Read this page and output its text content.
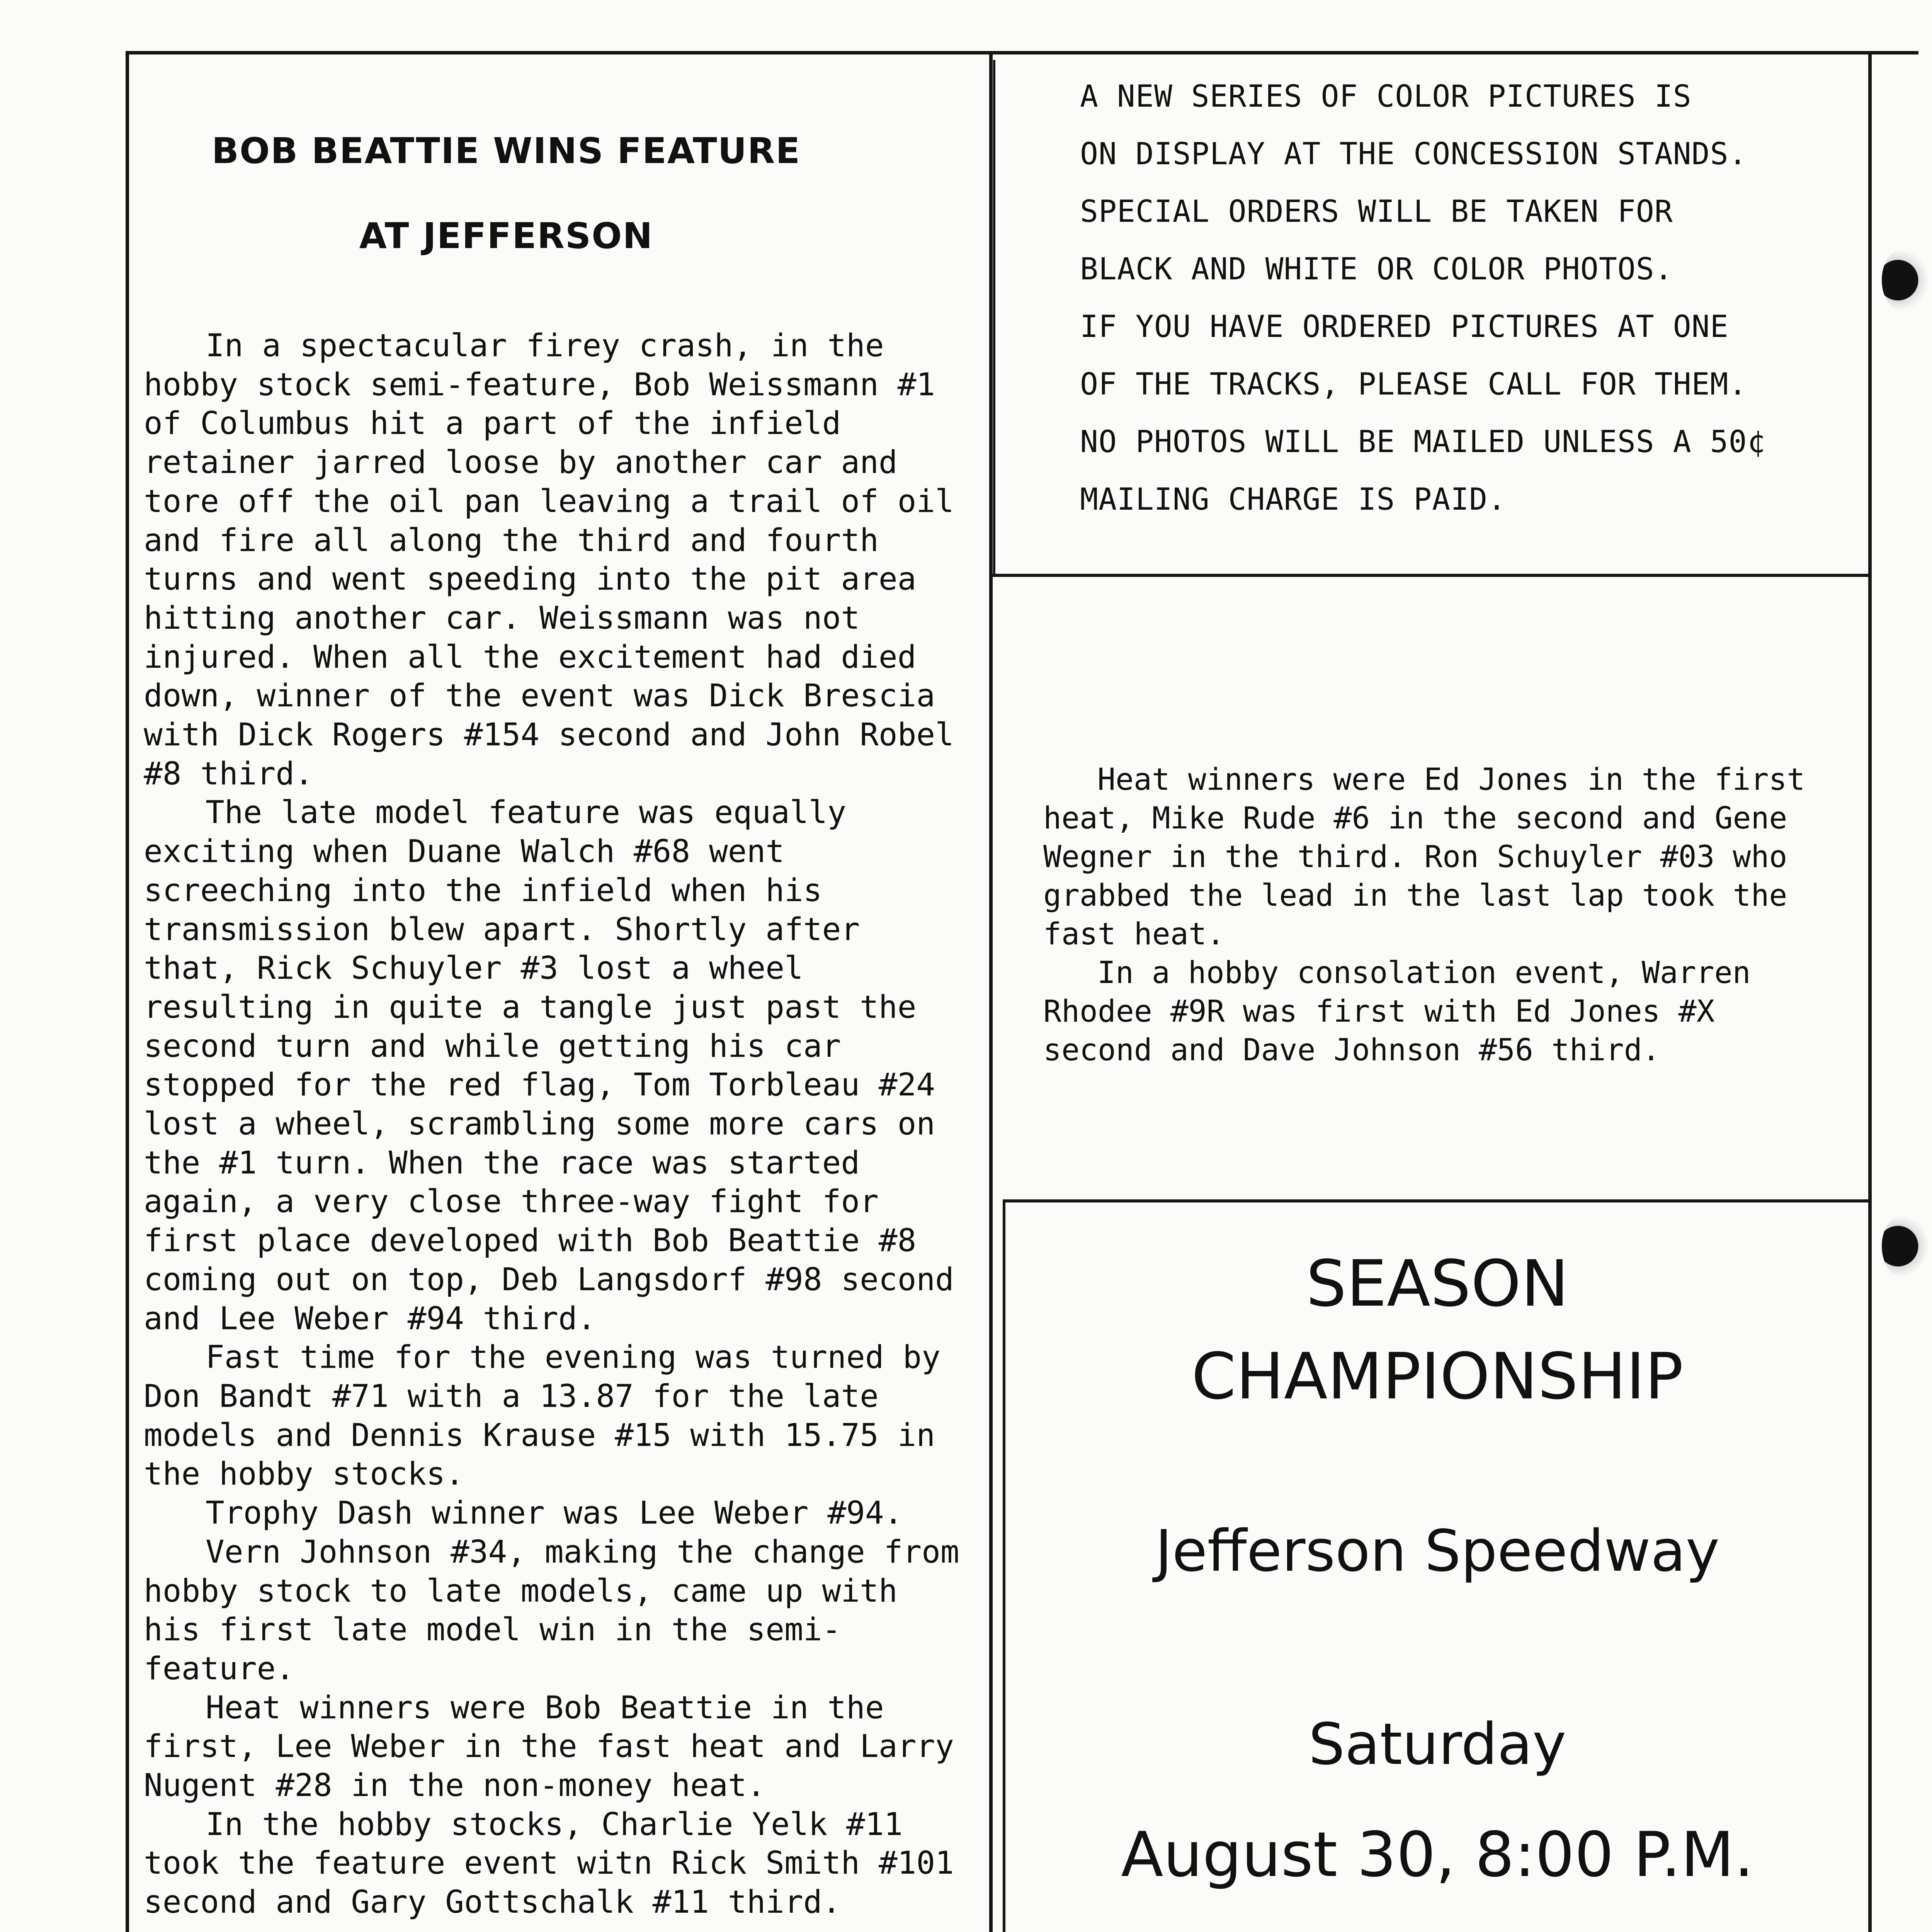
BOB BEATTIE WINS FEATURE
AT JEFFERSON

In a spectacular firey crash, in the hobby stock semi-feature, Bob Weissmann #1 of Columbus hit a part of the infield retainer jarred loose by another car and tore off the oil pan leaving a trail of oil and fire all along the third and fourth turns and went speeding into the pit area hitting another car. Weissmann was not injured. When all the excitement had died down, winner of the event was Dick Brescia with Dick Rogers #154 second and John Robel #8 third.

The late model feature was equally exciting when Duane Walch #68 went screeching into the infield when his transmission blew apart. Shortly after that, Rick Schuyler #3 lost a wheel resulting in quite a tangle just past the second turn and while getting his car stopped for the red flag, Tom Torbleau #24 lost a wheel, scrambling some more cars on the #1 turn. When the race was started again, a very close three-way fight for first place developed with Bob Beattie #8 coming out on top, Deb Langsdorf #98 second and Lee Weber #94 third.

Fast time for the evening was turned by Don Bandt #71 with a 13.87 for the late models and Dennis Krause #15 with 15.75 in the hobby stocks.

Trophy Dash winner was Lee Weber #94.

Vern Johnson #34, making the change from hobby stock to late models, came up with his first late model win in the semi-feature.

Heat winners were Bob Beattie in the first, Lee Weber in the fast heat and Larry Nugent #28 in the non-money heat.

In the hobby stocks, Charlie Yelk #11 took the feature event witn Rick Smith #101 second and Gary Gottschalk #11 third.

A NEW SERIES OF COLOR PICTURES IS
ON DISPLAY AT THE CONCESSION STANDS.
SPECIAL ORDERS WILL BE TAKEN FOR
BLACK AND WHITE OR COLOR PHOTOS.
IF YOU HAVE ORDERED PICTURES AT ONE
OF THE TRACKS, PLEASE CALL FOR THEM.
NO PHOTOS WILL BE MAILED UNLESS A 50¢
MAILING CHARGE IS PAID.

Heat winners were Ed Jones in the first heat, Mike Rude #6 in the second and Gene Wegner in the third. Ron Schuyler #03 who grabbed the lead in the last lap took the fast heat.

In a hobby consolation event, Warren Rhodee #9R was first with Ed Jones #X second and Dave Johnson #56 third.

SEASON
CHAMPIONSHIP
Jefferson Speedway
Saturday
August 30, 8:00 P.M.
